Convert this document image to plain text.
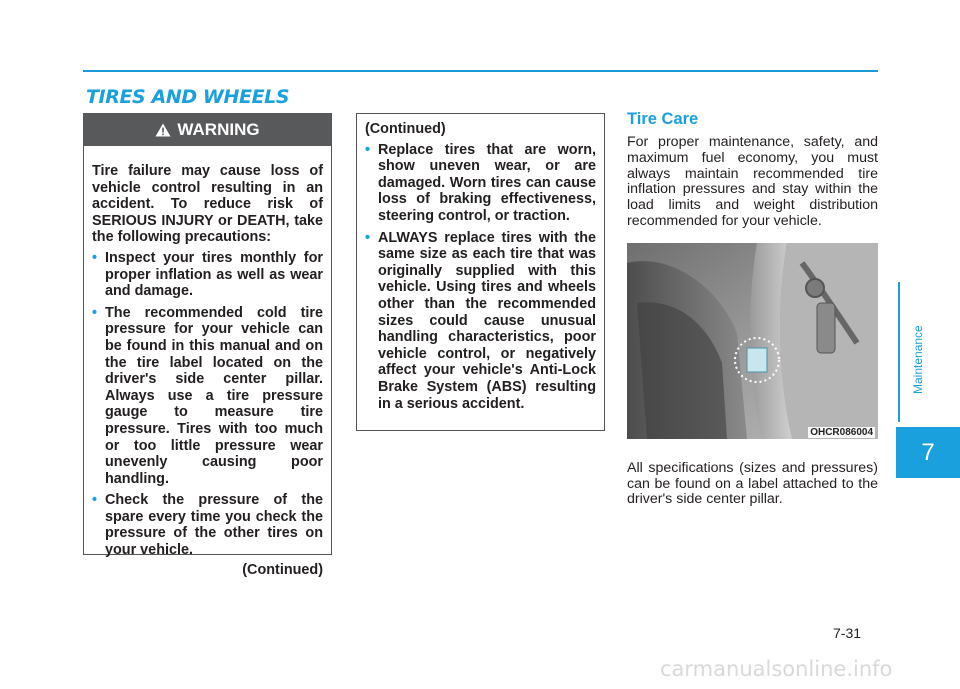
TIRES AND WHEELS
WARNING

Tire failure may cause loss of vehicle control resulting in an accident. To reduce risk of SERIOUS INJURY or DEATH, take the following precautions:

• Inspect your tires monthly for proper inflation as well as wear and damage.
• The recommended cold tire pressure for your vehicle can be found in this manual and on the tire label located on the driver's side center pillar. Always use a tire pressure gauge to measure tire pressure. Tires with too much or too little pressure wear unevenly causing poor handling.
• Check the pressure of the spare every time you check the pressure of the other tires on your vehicle.
(Continued)

(Continued)

• Replace tires that are worn, show uneven wear, or are damaged. Worn tires can cause loss of braking effectiveness, steering control, or traction.
• ALWAYS replace tires with the same size as each tire that was originally supplied with this vehicle. Using tires and wheels other than the recommended sizes could cause unusual handling characteristics, poor vehicle control, or negatively affect your vehicle's Anti-Lock Brake System (ABS) resulting in a serious accident.
Tire Care

For proper maintenance, safety, and maximum fuel economy, you must always maintain recommended tire inflation pressures and stay within the load limits and weight distribution recommended for your vehicle.

OHCR086004

All specifications (sizes and pressures) can be found on a label attached to the driver's side center pillar.

Maintenance
7
7-31
carmanualsonline.info
